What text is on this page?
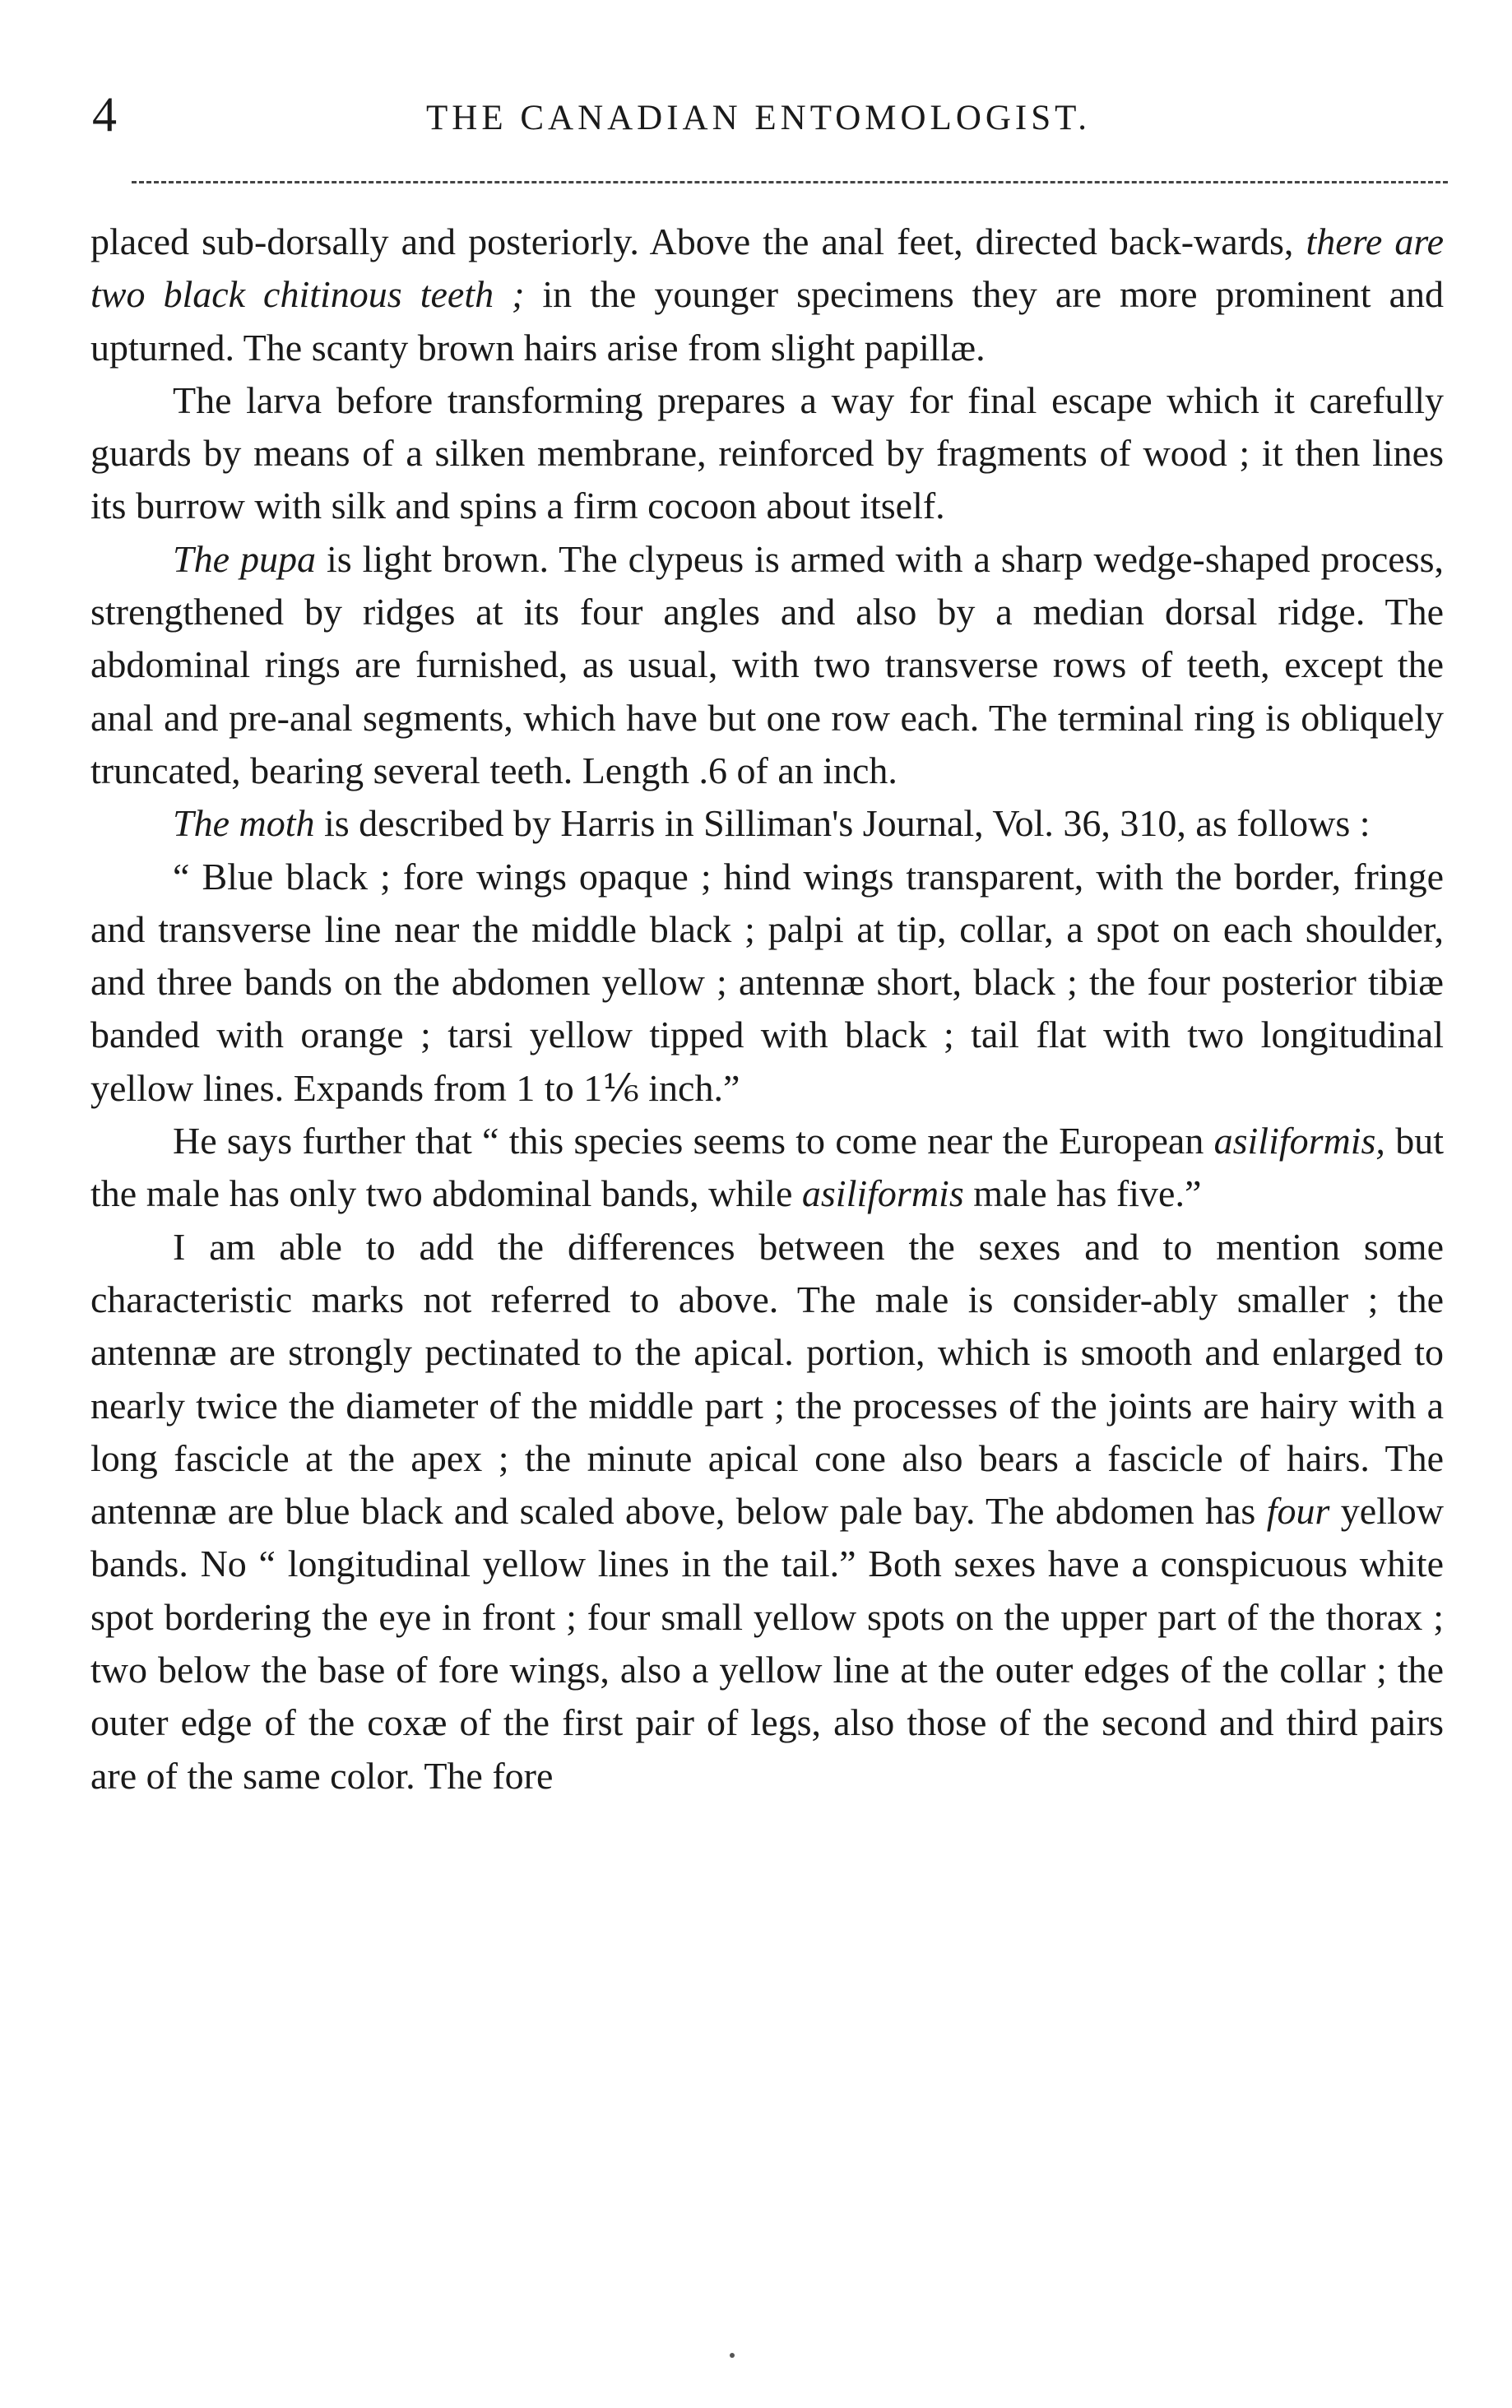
4	THE CANADIAN ENTOMOLOGIST.

placed sub-dorsally and posteriorly. Above the anal feet, directed back-wards, there are two black chitinous teeth ; in the younger specimens they are more prominent and upturned. The scanty brown hairs arise from slight papillæ.

The larva before transforming prepares a way for final escape which it carefully guards by means of a silken membrane, reinforced by fragments of wood ; it then lines its burrow with silk and spins a firm cocoon about itself.

The pupa is light brown. The clypeus is armed with a sharp wedge-shaped process, strengthened by ridges at its four angles and also by a median dorsal ridge. The abdominal rings are furnished, as usual, with two transverse rows of teeth, except the anal and pre-anal segments, which have but one row each. The terminal ring is obliquely truncated, bearing several teeth. Length .6 of an inch.

The moth is described by Harris in Silliman's Journal, Vol. 36, 310, as follows :

“ Blue black ; fore wings opaque ; hind wings transparent, with the border, fringe and transverse line near the middle black ; palpi at tip, collar, a spot on each shoulder, and three bands on the abdomen yellow ; antennæ short, black ; the four posterior tibiæ banded with orange ; tarsi yellow tipped with black ; tail flat with two longitudinal yellow lines. Expands from 1 to 1⅙ inch.”

He says further that “ this species seems to come near the European asiliformis, but the male has only two abdominal bands, while asiliformis male has five.”

I am able to add the differences between the sexes and to mention some characteristic marks not referred to above. The male is consider-ably smaller ; the antennæ are strongly pectinated to the apical. portion, which is smooth and enlarged to nearly twice the diameter of the middle part ; the processes of the joints are hairy with a long fascicle at the apex ; the minute apical cone also bears a fascicle of hairs. The antennæ are blue black and scaled above, below pale bay. The abdomen has four yellow bands. No “ longitudinal yellow lines in the tail.” Both sexes have a conspicuous white spot bordering the eye in front ; four small yellow spots on the upper part of the thorax ; two below the base of fore wings, also a yellow line at the outer edges of the collar ; the outer edge of the coxæ of the first pair of legs, also those of the second and third pairs are of the same color. The fore
